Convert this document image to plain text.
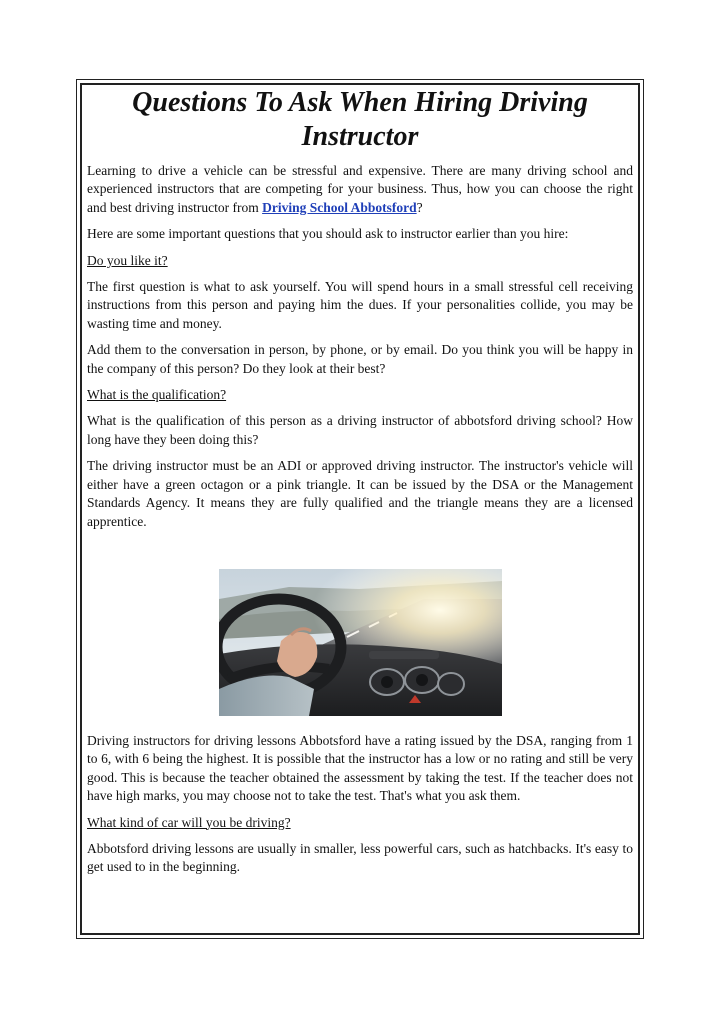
Questions To Ask When Hiring Driving Instructor

Learning to drive a vehicle can be stressful and expensive. There are many driving school and experienced instructors that are competing for your business. Thus, how you can choose the right and best driving instructor from Driving School Abbotsford?

Here are some important questions that you should ask to instructor earlier than you hire:

Do you like it?

The first question is what to ask yourself. You will spend hours in a small stressful cell receiving instructions from this person and paying him the dues. If your personalities collide, you may be wasting time and money.

Add them to the conversation in person, by phone, or by email. Do you think you will be happy in the company of this person? Do they look at their best?

What is the qualification?

What is the qualification of this person as a driving instructor of abbotsford driving school? How long have they been doing this?

The driving instructor must be an ADI or approved driving instructor. The instructor's vehicle will either have a green octagon or a pink triangle. It can be issued by the DSA or the Management Standards Agency. It means they are fully qualified and the triangle means they are a licensed apprentice.

Driving instructors for driving lessons Abbotsford have a rating issued by the DSA, ranging from 1 to 6, with 6 being the highest. It is possible that the instructor has a low or no rating and still be very good. This is because the teacher obtained the assessment by taking the test. If the teacher does not have high marks, you may choose not to take the test. That's what you ask them.

What kind of car will you be driving?

Abbotsford driving lessons are usually in smaller, less powerful cars, such as hatchbacks. It's easy to get used to in the beginning.
